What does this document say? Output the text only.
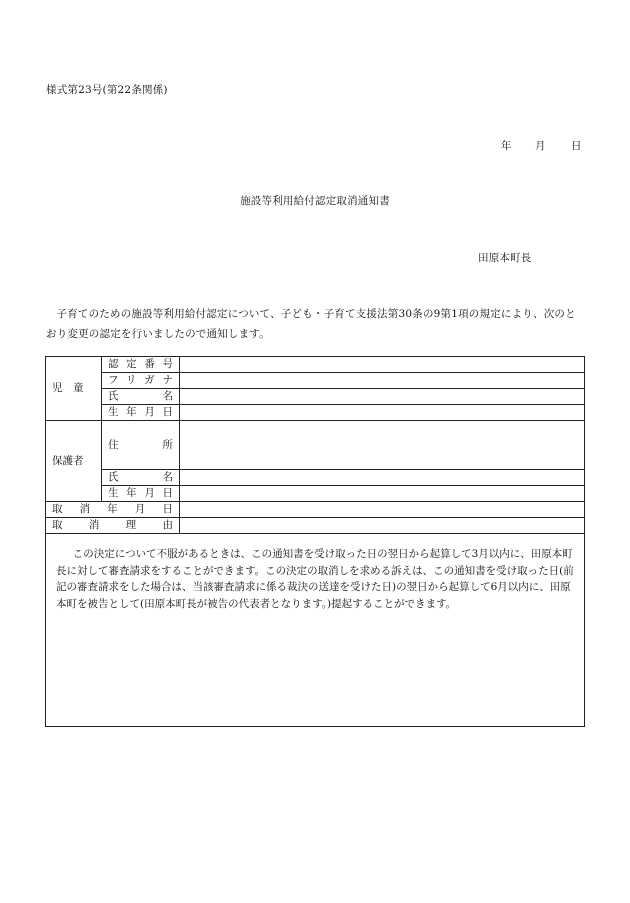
様式第23号(第22条関係)
年 月 日
施設等利用給付認定取消通知書
田原本町長
子育てのための施設等利用給付認定について、子ども・子育て支援法第30条の9第1項の規定により、次のとおり変更の認定を行いましたので通知します。
児　童	認定番号	
	フリガナ	
	氏名	
	生年月日	
保護者	住所	
	氏名	
	生年月日	
取消年月日		
取消理由		

この決定について不服があるときは、この通知書を受け取った日の翌日から起算して3月以内に、田原本町長に対して審査請求をすることができます。この決定の取消しを求める訴えは、この通知書を受け取った日(前記の審査請求をした場合は、当該審査請求に係る裁決の送達を受けた日)の翌日から起算して6月以内に、田原本町を被告として(田原本町長が被告の代表者となります。)提起することができます。		
